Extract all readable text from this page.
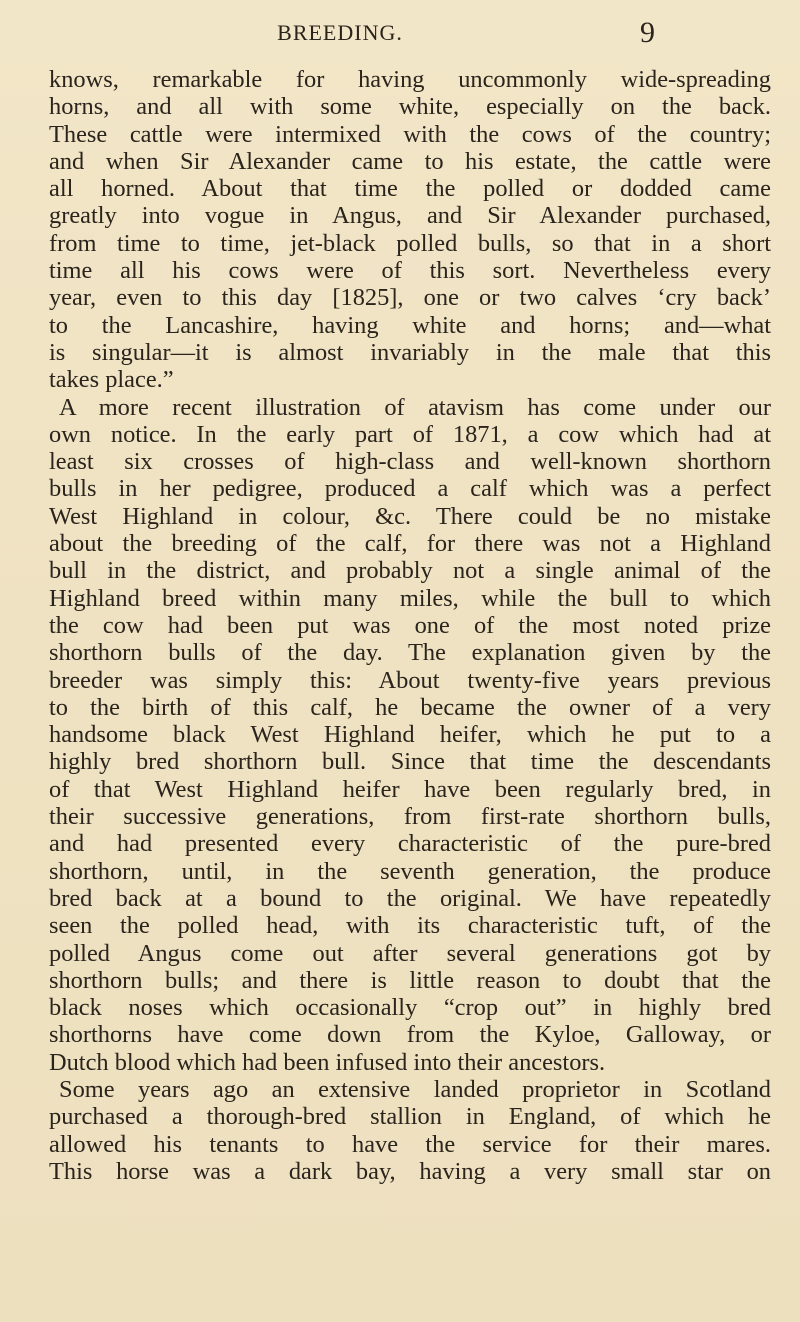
BREEDING.	9
knows, remarkable for having uncommonly wide-spreading
horns, and all with some white, especially on the back.
These cattle were intermixed with the cows of the country;
and when Sir Alexander came to his estate, the cattle were
all horned. About that time the polled or dodded came
greatly into vogue in Angus, and Sir Alexander purchased,
from time to time, jet-black polled bulls, so that in a short
time all his cows were of this sort. Nevertheless every
year, even to this day [1825], one or two calves ‘cry back’
to the Lancashire, having white and horns; and—what
is singular—it is almost invariably in the male that this
takes place.”
A more recent illustration of atavism has come under our
own notice. In the early part of 1871, a cow which had at
least six crosses of high-class and well-known shorthorn
bulls in her pedigree, produced a calf which was a perfect
West Highland in colour, &c. There could be no mistake
about the breeding of the calf, for there was not a Highland
bull in the district, and probably not a single animal of the
Highland breed within many miles, while the bull to which
the cow had been put was one of the most noted prize
shorthorn bulls of the day. The explanation given by the
breeder was simply this: About twenty-five years previous
to the birth of this calf, he became the owner of a very
handsome black West Highland heifer, which he put to a
highly bred shorthorn bull. Since that time the descendants
of that West Highland heifer have been regularly bred, in
their successive generations, from first-rate shorthorn bulls,
and had presented every characteristic of the pure-bred
shorthorn, until, in the seventh generation, the produce
bred back at a bound to the original. We have repeatedly
seen the polled head, with its characteristic tuft, of the
polled Angus come out after several generations got by
shorthorn bulls; and there is little reason to doubt that the
black noses which occasionally “crop out” in highly bred
shorthorns have come down from the Kyloe, Galloway, or
Dutch blood which had been infused into their ancestors.
Some years ago an extensive landed proprietor in Scotland
purchased a thorough-bred stallion in England, of which he
allowed his tenants to have the service for their mares.
This horse was a dark bay, having a very small star on
